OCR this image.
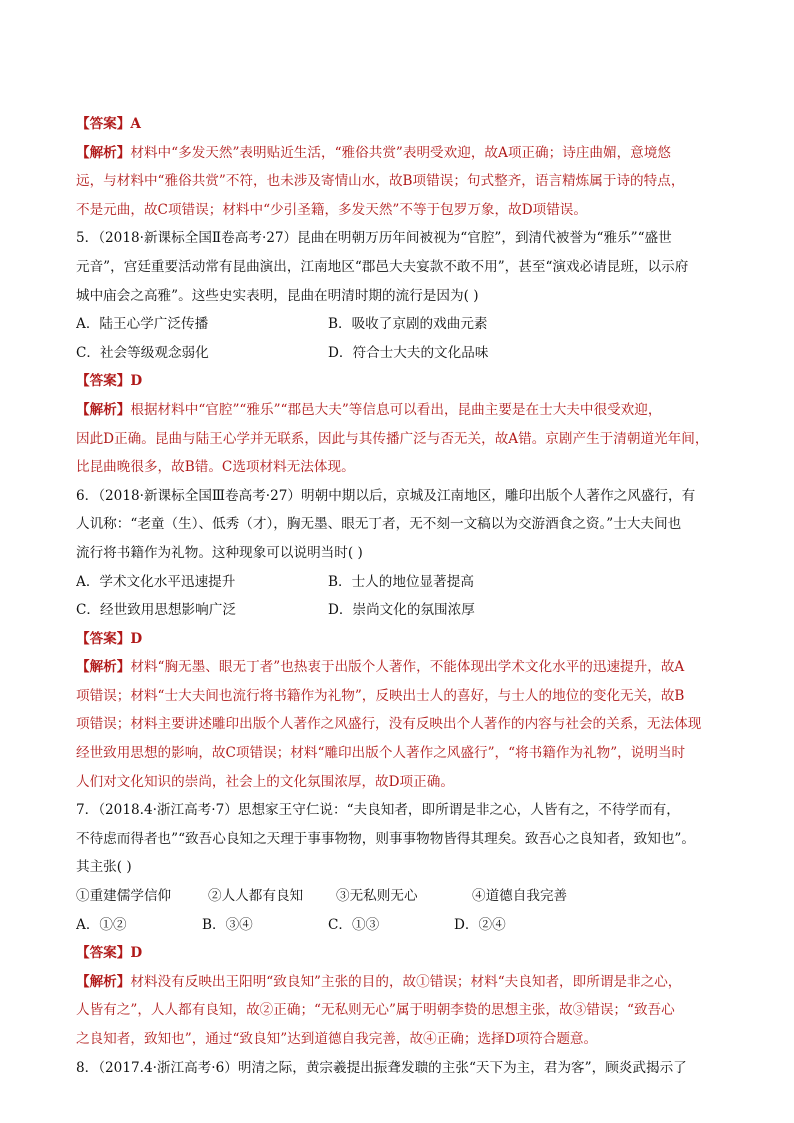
【答案】A
【解析】材料中“多发天然”表明贴近生活，“雅俗共赏”表明受欢迎，故A项正确；诗庄曲媚，意境悠
远，与材料中“雅俗共赏”不符，也未涉及寄情山水，故B项错误；句式整齐，语言精炼属于诗的特点，
不是元曲，故C项错误；材料中“少引圣籍，多发天然”不等于包罗万象，故D项错误。
5．（2018·新课标全国Ⅱ卷高考·27）昆曲在明朝万历年间被视为“官腔”，到清代被誉为“雅乐”“盛世
元音”，宫廷重要活动常有昆曲演出，江南地区“郡邑大夫宴款不敢不用”，甚至“演戏必请昆班，以示府
城中庙会之高雅”。这些史实表明，昆曲在明清时期的流行是因为( )
A．陆王心学广泛传播	B．吸收了京剧的戏曲元素
C．社会等级观念弱化	D．符合士大夫的文化品味
【答案】D
【解析】根据材料中“官腔”“雅乐”“郡邑大夫”等信息可以看出，昆曲主要是在士大夫中很受欢迎，
因此D正确。昆曲与陆王心学并无联系，因此与其传播广泛与否无关，故A错。京剧产生于清朝道光年间，
比昆曲晚很多，故B错。C选项材料无法体现。
6．（2018·新课标全国Ⅲ卷高考·27）明朝中期以后，京城及江南地区，雕印出版个人著作之风盛行，有
人讥称：“老童（生）、低秀（才），胸无墨、眼无丁者，无不刻一文稿以为交游酒食之资。”士大夫间也
流行将书籍作为礼物。这种现象可以说明当时( )
A．学术文化水平迅速提升	B．士人的地位显著提高
C．经世致用思想影响广泛	D．崇尚文化的氛围浓厚
【答案】D
【解析】材料“胸无墨、眼无丁者”也热衷于出版个人著作，不能体现出学术文化水平的迅速提升，故A
项错误；材料“士大夫间也流行将书籍作为礼物”，反映出士人的喜好，与士人的地位的变化无关，故B
项错误；材料主要讲述雕印出版个人著作之风盛行，没有反映出个人著作的内容与社会的关系，无法体现
经世致用思想的影响，故C项错误；材料“雕印出版个人著作之风盛行”，“将书籍作为礼物”，说明当时
人们对文化知识的崇尚，社会上的文化氛围浓厚，故D项正确。
7．（2018.4·浙江高考·7）思想家王守仁说：“夫良知者，即所谓是非之心，人皆有之，不待学而有，
不待虑而得者也”“致吾心良知之天理于事事物物，则事事物物皆得其理矣。致吾心之良知者，致知也”。
其主张( )
①重建儒学信仰	②人人都有良知	③无私则无心	④道德自我完善
A．①②	B．③④	C．①③	D．②④
【答案】D
【解析】材料没有反映出王阳明“致良知”主张的目的，故①错误；材料“夫良知者，即所谓是非之心，
人皆有之”，人人都有良知，故②正确；“无私则无心”属于明朝李贽的思想主张，故③错误；“致吾心
之良知者，致知也”，通过“致良知”达到道德自我完善，故④正确；选择D项符合题意。
8．（2017.4·浙江高考·6）明清之际，黄宗羲提出振聋发聩的主张“天下为主，君为客”，顾炎武揭示了
